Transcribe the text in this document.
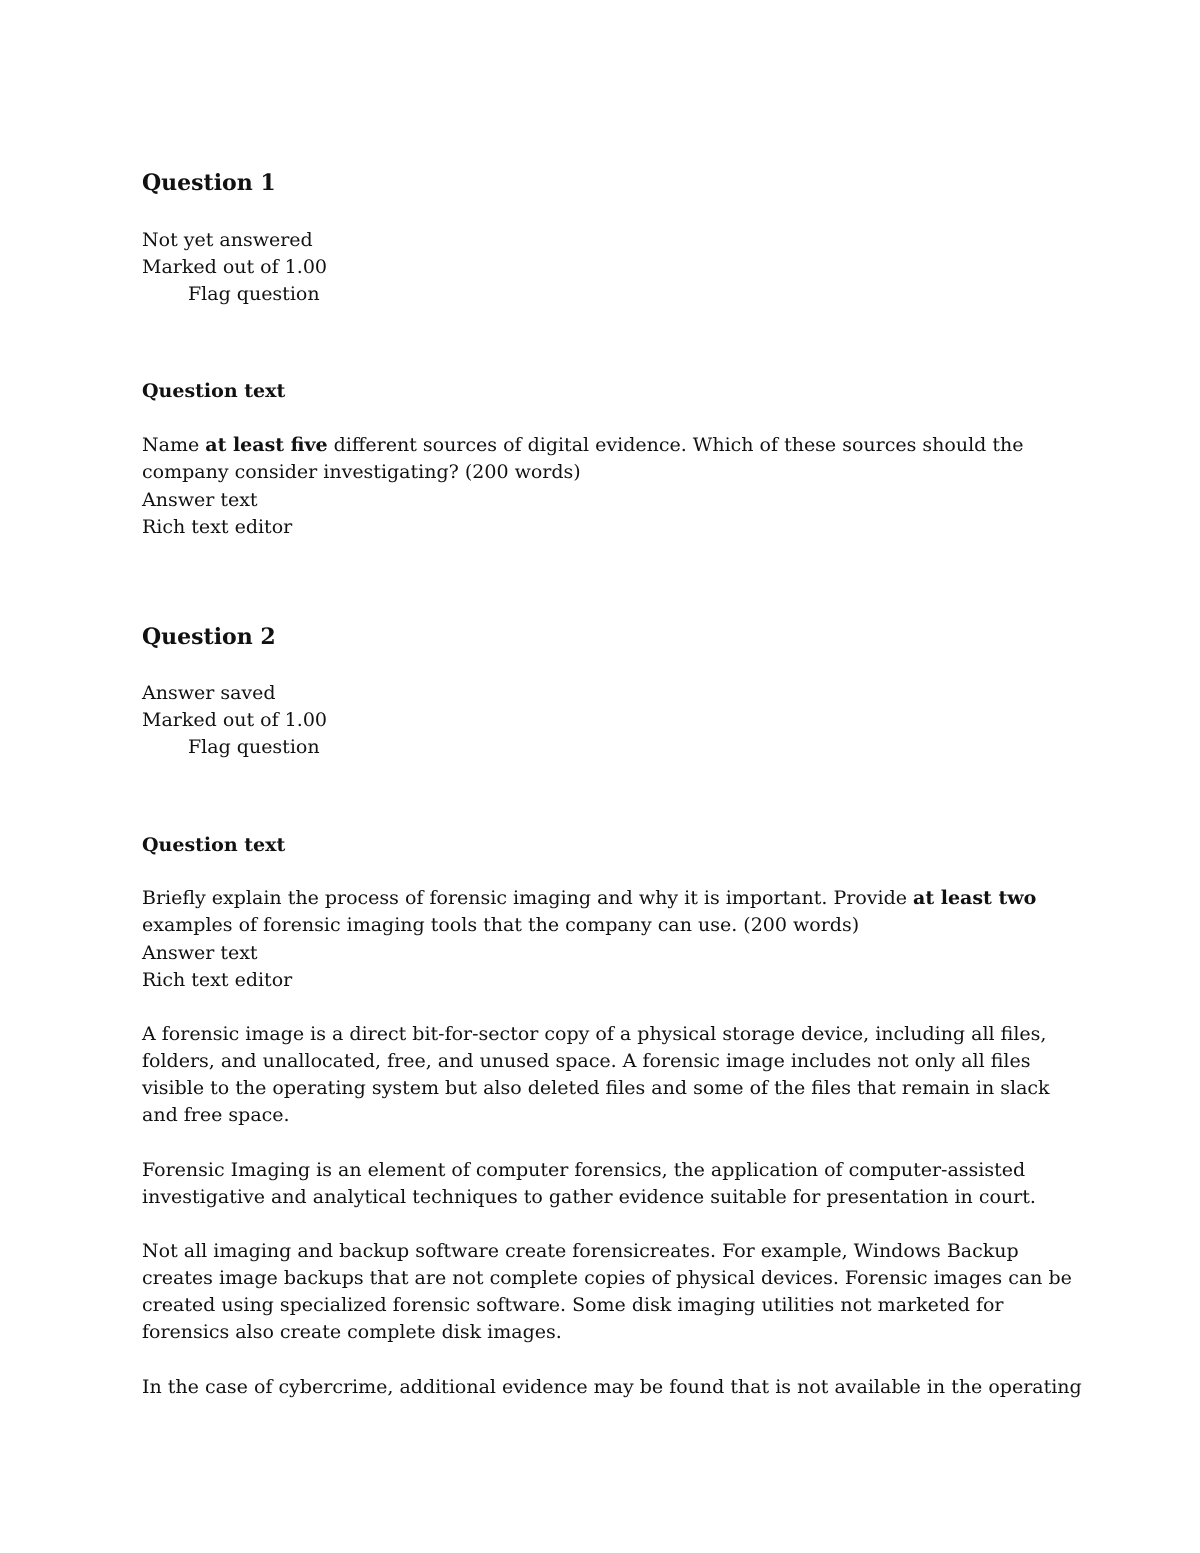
Question 1
Not yet answered
Marked out of 1.00
Flag question
Question text
Name at least five different sources of digital evidence. Which of these sources should the
company consider investigating? (200 words)
Answer text
Rich text editor
Question 2
Answer saved
Marked out of 1.00
Flag question
Question text
Briefly explain the process of forensic imaging and why it is important. Provide at least two
examples of forensic imaging tools that the company can use. (200 words)
Answer text
Rich text editor
A forensic image is a direct bit-for-sector copy of a physical storage device, including all files,
folders, and unallocated, free, and unused space. A forensic image includes not only all files
visible to the operating system but also deleted files and some of the files that remain in slack
and free space.
Forensic Imaging is an element of computer forensics, the application of computer-assisted
investigative and analytical techniques to gather evidence suitable for presentation in court.
Not all imaging and backup software create forensicreates. For example, Windows Backup
creates image backups that are not complete copies of physical devices. Forensic images can be
created using specialized forensic software. Some disk imaging utilities not marketed for
forensics also create complete disk images.
In the case of cybercrime, additional evidence may be found that is not available in the operating
